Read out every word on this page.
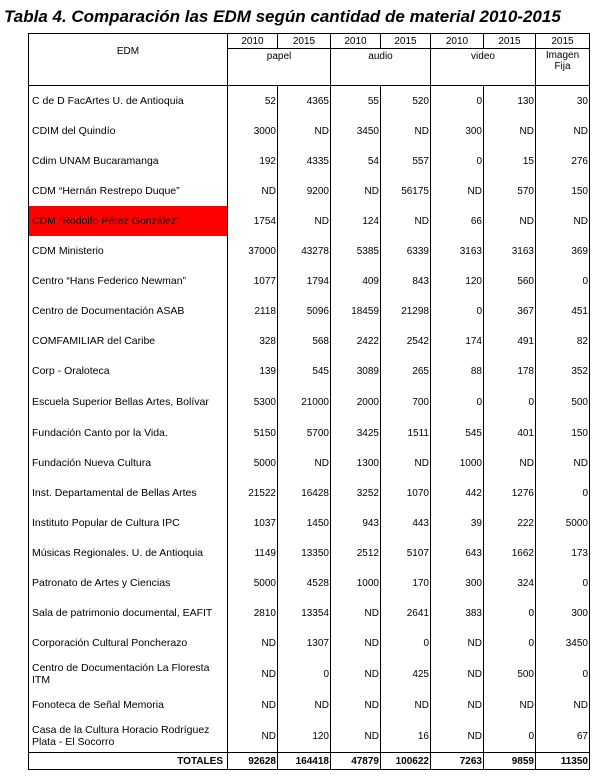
Tabla 4. Comparación las EDM según cantidad de material 2010-2015
EDM	2010	2015	2010	2015	2010	2015	2015
	papel		audio		video		Imagen Fija
C de D FacArtes U. de Antioquia	52	4365	55	520	0	130	30
CDIM del Quindío	3000	ND	3450	ND	300	ND	ND
Cdim UNAM Bucaramanga	192	4335	54	557	0	15	276
CDM “Hernán Restrepo Duque”	ND	9200	ND	56175	ND	570	150
CDM “Rodolfo Pérez González”	1754	ND	124	ND	66	ND	ND
CDM Ministerio	37000	43278	5385	6339	3163	3163	369
Centro “Hans Federico Newman”	1077	1794	409	843	120	560	0
Centro de Documentación ASAB	2118	5096	18459	21298	0	367	451
COMFAMILIAR del Caribe	328	568	2422	2542	174	491	82
Corp - Oraloteca	139	545	3089	265	88	178	352
Escuela Superior Bellas Artes, Bolívar	5300	21000	2000	700	0	0	500
Fundación Canto por la Vida.	5150	5700	3425	1511	545	401	150
Fundación Nueva Cultura	5000	ND	1300	ND	1000	ND	ND
Inst. Departamental de Bellas Artes	21522	16428	3252	1070	442	1276	0
Instituto Popular de Cultura IPC	1037	1450	943	443	39	222	5000
Músicas Regionales. U. de Antioquia	1149	13350	2512	5107	643	1662	173
Patronato de Artes y Ciencias	5000	4528	1000	170	300	324	0
Sala de patrimonio documental, EAFIT	2810	13354	ND	2641	383	0	300
Corporación Cultural Poncherazo	ND	1307	ND	0	ND	0	3450
Centro de Documentación La Floresta ITM	ND	0	ND	425	ND	500	0
Fonoteca de Señal Memoria	ND	ND	ND	ND	ND	ND	ND
Casa de la Cultura Horacio Rodríguez Plata - El Socorro	ND	120	ND	16	ND	0	67
TOTALES	92628	164418	47879	100622	7263	9859	11350
